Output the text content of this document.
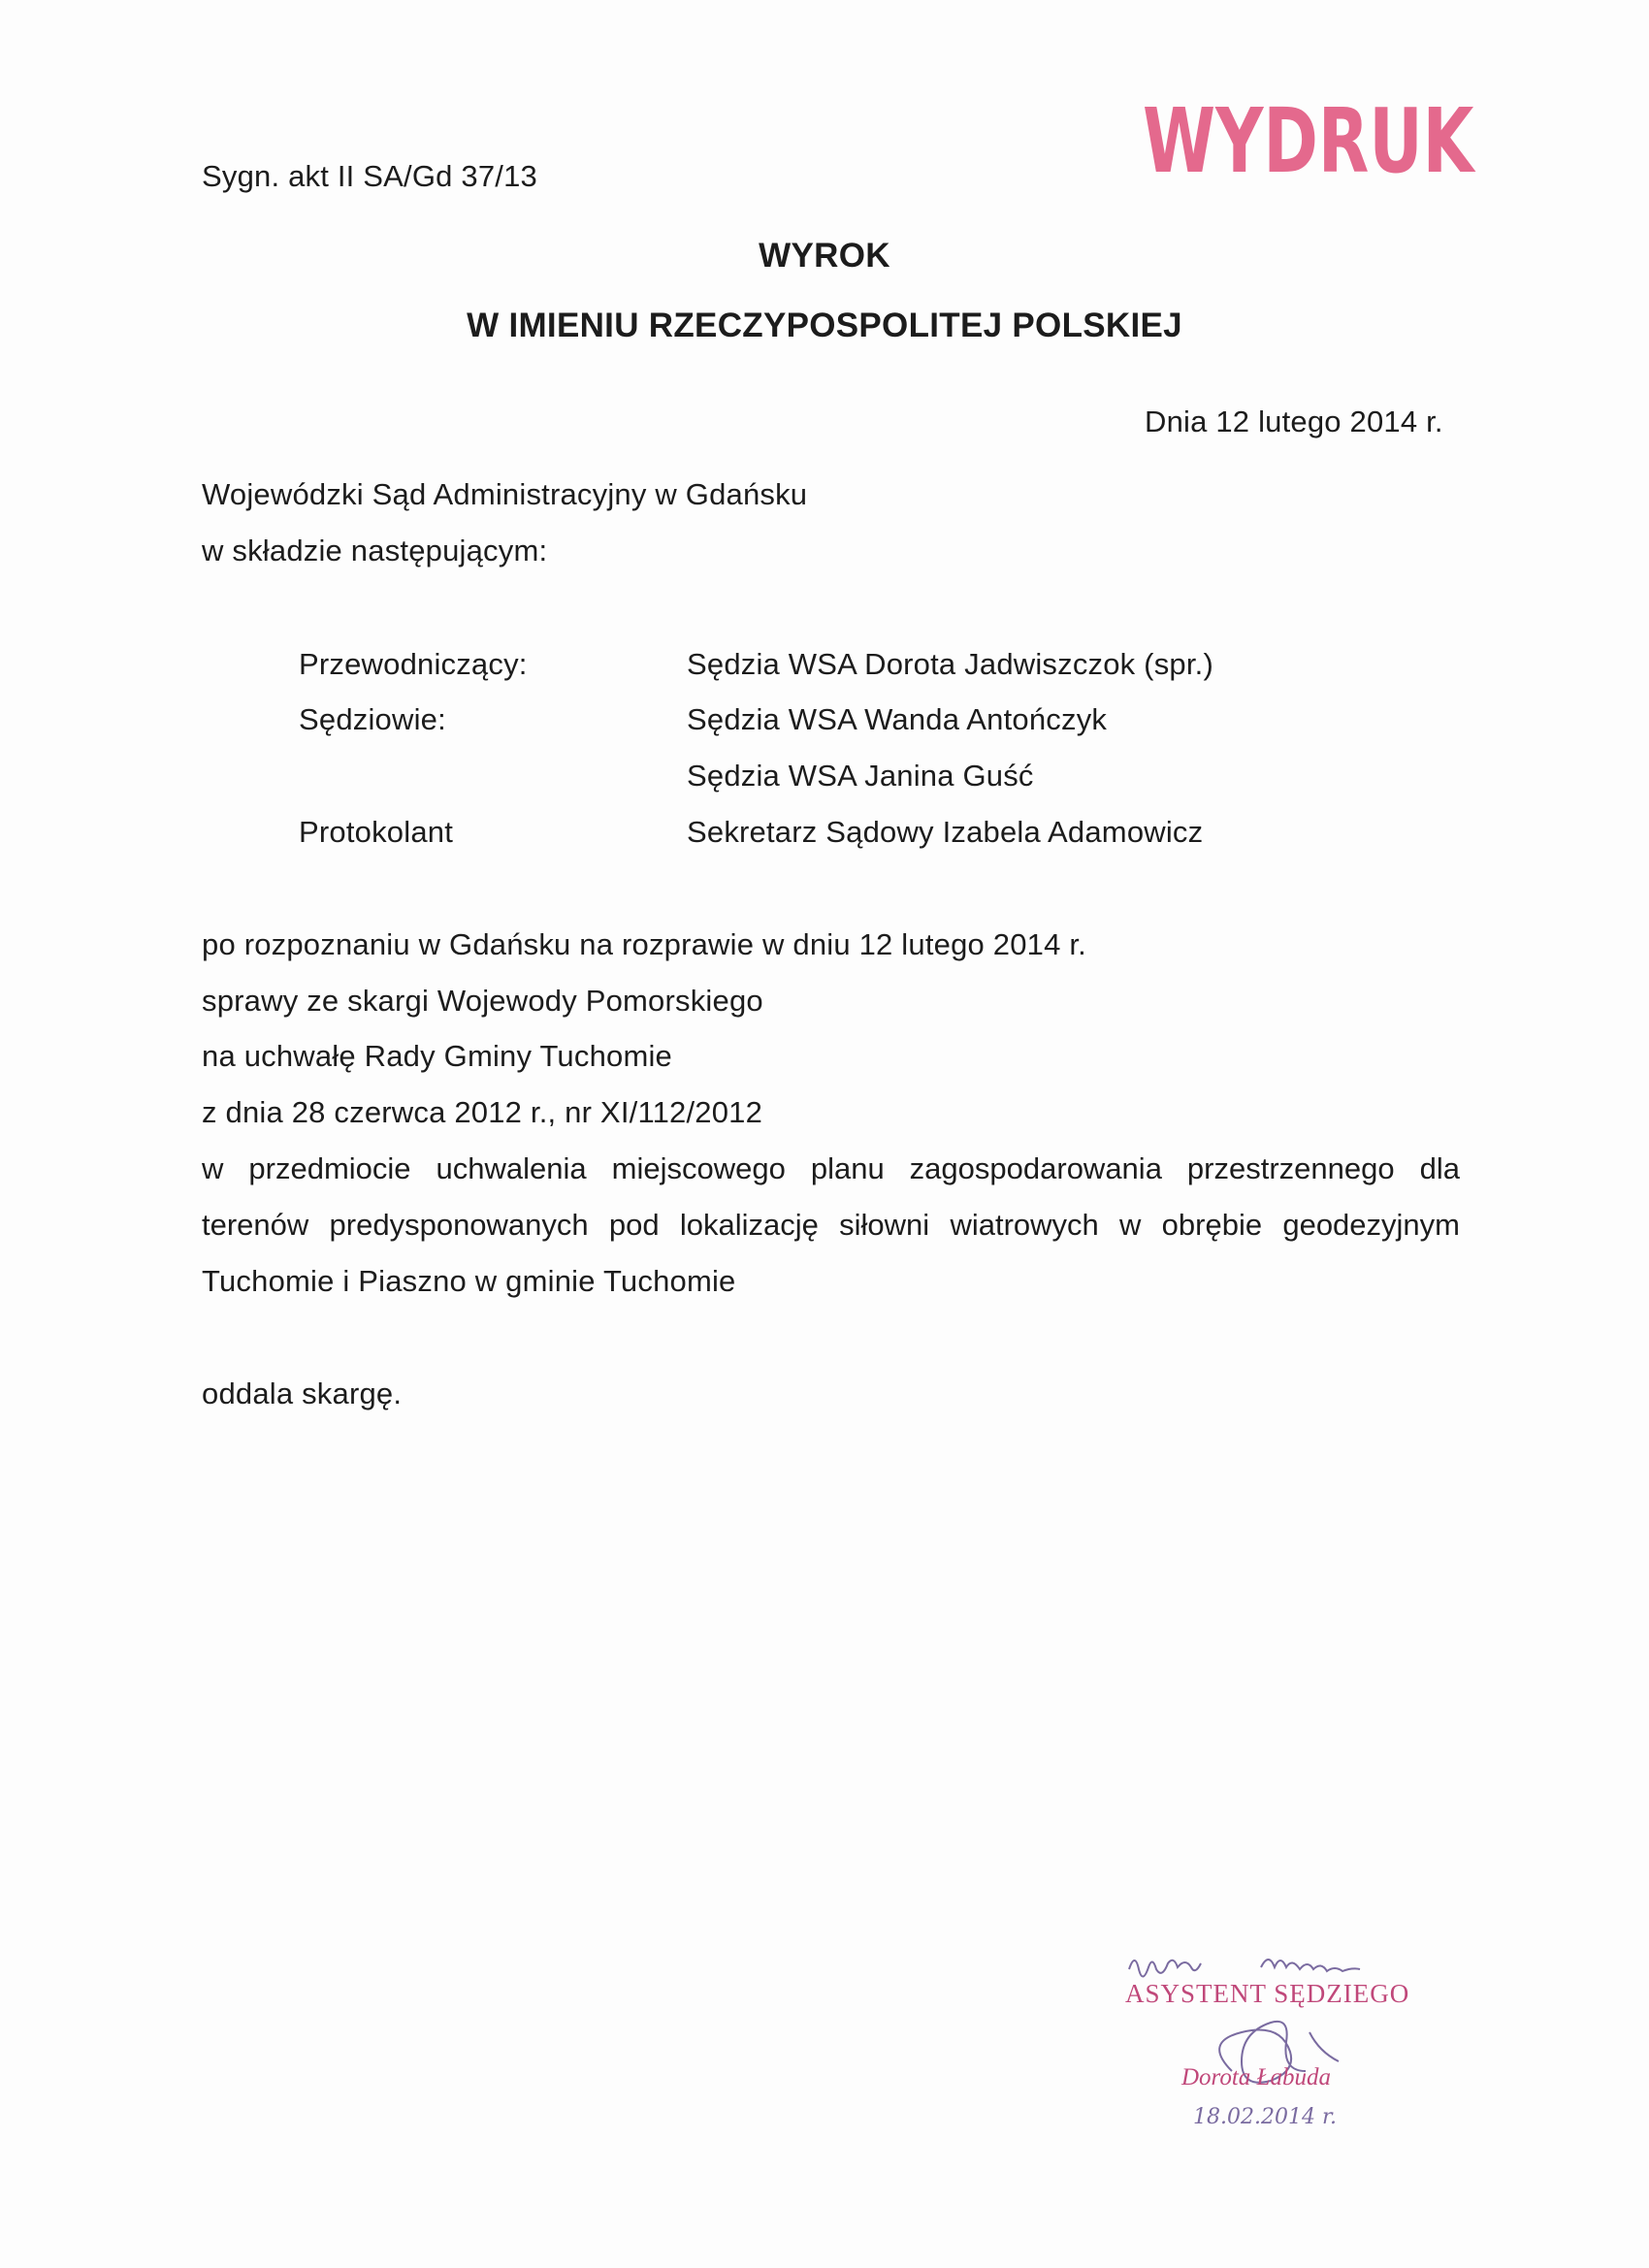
Sygn. akt II SA/Gd 37/13	WYDRUK
WYROK
W IMIENIU RZECZYPOSPOLITEJ POLSKIEJ
Dnia 12 lutego 2014 r.
Wojewódzki Sąd Administracyjny w Gdańsku
w składzie następującym:
Przewodniczący:	Sędzia WSA Dorota Jadwiszczok (spr.)
Sędziowie:	Sędzia WSA Wanda Antończyk
Sędzia WSA Janina Guść
Protokolant	Sekretarz Sądowy Izabela Adamowicz
po rozpoznaniu w Gdańsku na rozprawie w dniu 12 lutego 2014 r.
sprawy ze skargi Wojewody Pomorskiego
na uchwałę Rady Gminy Tuchomie
z dnia 28 czerwca 2012 r., nr XI/112/2012
w przedmiocie uchwalenia miejscowego planu zagospodarowania przestrzennego dla
terenów predysponowanych pod lokalizację siłowni wiatrowych w obrębie geodezyjnym
Tuchomie i Piaszno w gminie Tuchomie
oddala skargę.
ASYSTENT SĘDZIEGO
Dorota Łabuda
18.02.2014 r.
